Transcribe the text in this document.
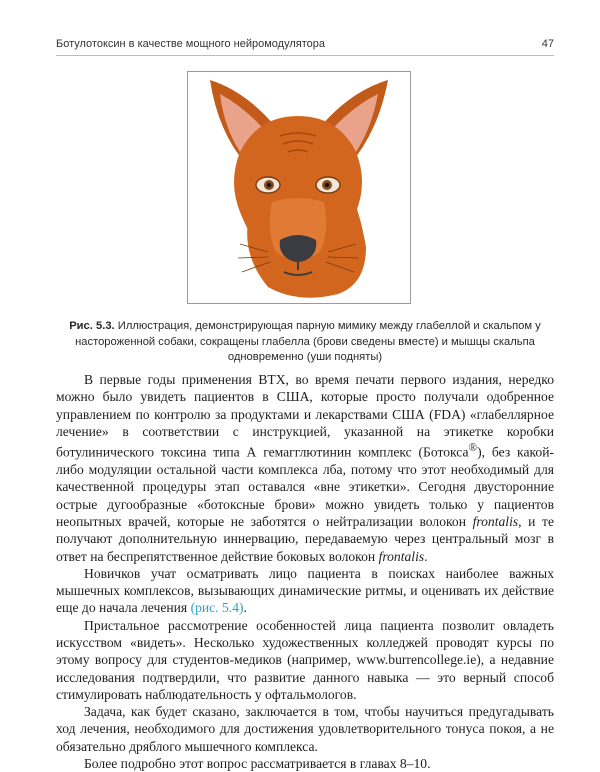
Ботулотоксин в качестве мощного нейромодулятора	47
Рис. 5.3. Иллюстрация, демонстрирующая парную мимику между глабеллой и скальпом у настороженной собаки, сокращены глабелла (брови сведены вместе) и мышцы скальпа одновременно (уши подняты)

В первые годы применения BTX, во время печати первого издания, нередко можно было увидеть пациентов в США, которые просто получали одобренное управлением по контролю за продуктами и лекарствами США (FDA) «глабеллярное лечение» в соответствии с инструкцией, указанной на этикетке коробки ботулинического токсина типа А гемагглютинин комплекс (Ботокса®), без какой-либо модуляции остальной части комплекса лба, потому что этот необходимый для качественной процедуры этап оставался «вне этикетки». Сегодня двусторонние острые дугообразные «ботоксные брови» можно увидеть только у пациентов неопытных врачей, которые не заботятся о нейтрализации волокон frontalis, и те получают дополнительную иннервацию, передаваемую через центральный мозг в ответ на беспрепятственное действие боковых волокон frontalis.

Новичков учат осматривать лицо пациента в поисках наиболее важных мышечных комплексов, вызывающих динамические ритмы, и оценивать их действие еще до начала лечения (рис. 5.4).

Пристальное рассмотрение особенностей лица пациента позволит овладеть искусством «видеть». Несколько художественных колледжей проводят курсы по этому вопросу для студентов-медиков (например, www.burrencollege.ie), а недавние исследования подтвердили, что развитие данного навыка — это верный способ стимулировать наблюдательность у офтальмологов.

Задача, как будет сказано, заключается в том, чтобы научиться предугадывать ход лечения, необходимого для достижения удовлетворительного тонуса покоя, а не обязательно дряблого мышечного комплекса.

Более подробно этот вопрос рассматривается в главах 8–10.
